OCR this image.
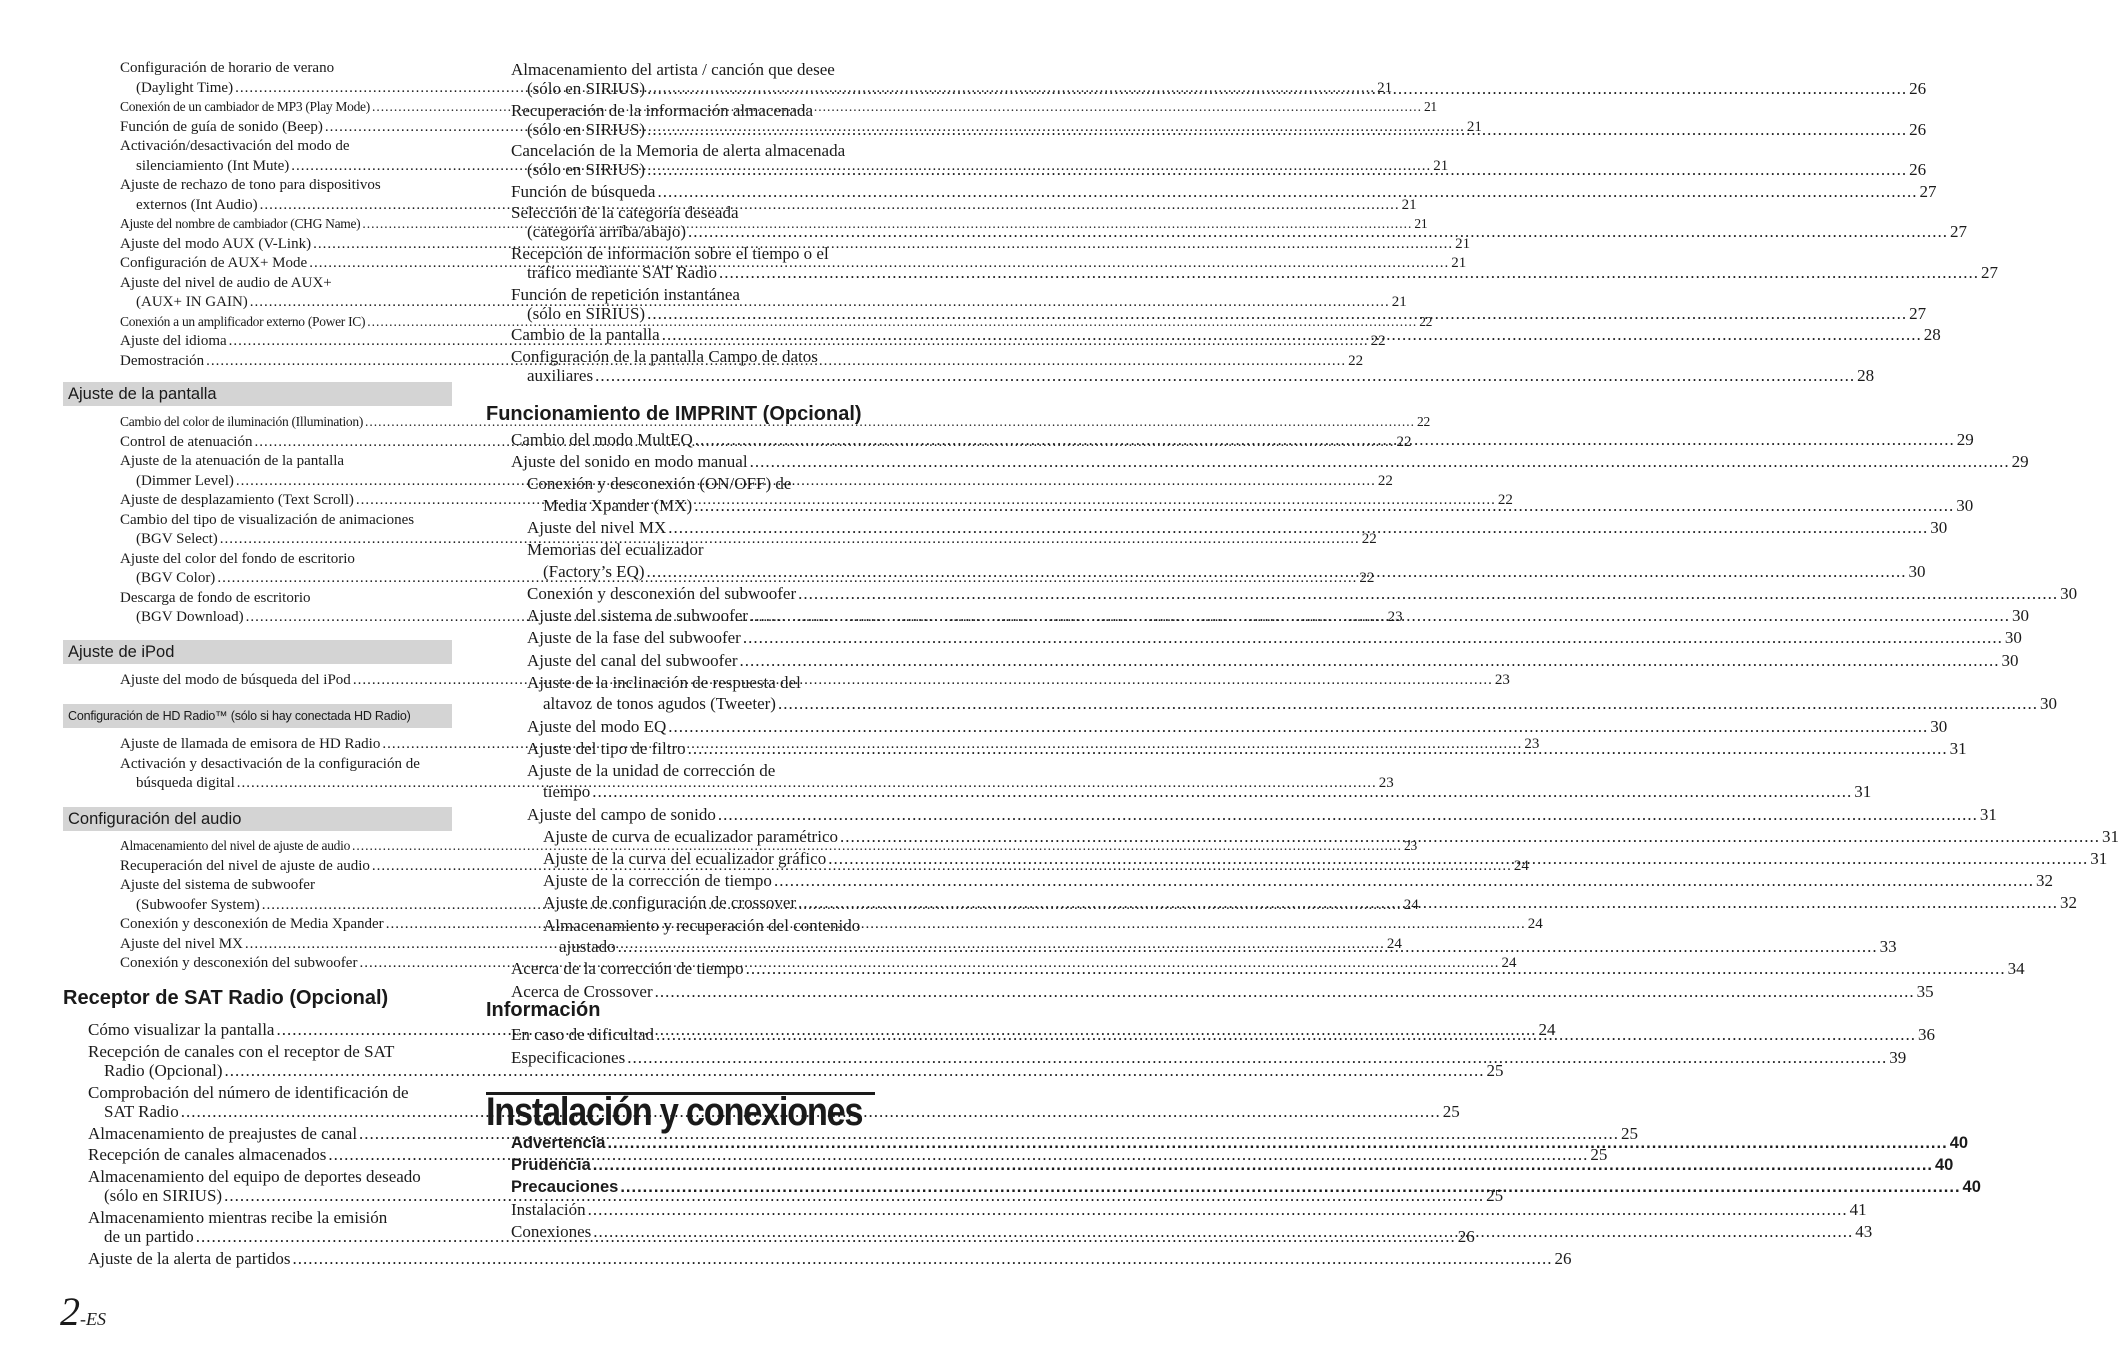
Ajuste de la pantalla
Ajuste de iPod
Configuración de HD Radio™ (sólo si hay conectada HD Radio)
Configuración del audio
Receptor de SAT Radio (Opcional)
Configuración de horario de verano
(Daylight Time) .....	21
Conexión de un cambiador de MP3 (Play Mode) .....	21
Función de guía de sonido (Beep) .....	21
Activación/desactivación del modo de
silenciamiento (Int Mute) .....	21
Ajuste de rechazo de tono para dispositivos
externos (Int Audio) .....	21
Ajuste del nombre de cambiador (CHG Name) .....	21
Ajuste del modo AUX (V-Link) .....	21
Configuración de AUX+ Mode .....	21
Ajuste del nivel de audio de AUX+
(AUX+ IN GAIN) .....	21
Conexión a un amplificador externo (Power IC) .....	22
Ajuste del idioma .....	22
Demostración .....	22
Cambio del color de iluminación (Illumination) .....	22
Control de atenuación .....	22
Ajuste de la atenuación de la pantalla
(Dimmer Level) .....	22
Ajuste de desplazamiento (Text Scroll) .....	22
Cambio del tipo de visualización de animaciones
(BGV Select) .....	22
Ajuste del color del fondo de escritorio
(BGV Color) .....	22
Descarga de fondo de escritorio
(BGV Download) .....	23
Ajuste del modo de búsqueda del iPod .....	23
Ajuste de llamada de emisora de HD Radio .....	23
Activación y desactivación de la configuración de
búsqueda digital .....	23
Almacenamiento del nivel de ajuste de audio .....	23
Recuperación del nivel de ajuste de audio .....	24
Ajuste del sistema de subwoofer
(Subwoofer System) .....	24
Conexión y desconexión de Media Xpander .....	24
Ajuste del nivel MX .....	24
Conexión y desconexión del subwoofer .....	24
Cómo visualizar la pantalla .....	24
Recepción de canales con el receptor de SAT
Radio (Opcional) .....	25
Comprobación del número de identificación de
SAT Radio .....	25
Almacenamiento de preajustes de canal .....	25
Recepción de canales almacenados .....	25
Almacenamiento del equipo de deportes deseado
(sólo en SIRIUS) .....	25
Almacenamiento mientras recibe la emisión
de un partido .....	26
Ajuste de la alerta de partidos .....	26
Funcionamiento de IMPRINT (Opcional)
Información
Instalación y conexiones
Almacenamiento del artista / canción que desee
(sólo en SIRIUS) .....	26
Recuperación de la información almacenada
(sólo en SIRIUS) .....	26
Cancelación de la Memoria de alerta almacenada
(sólo en SIRIUS) .....	26
Función de búsqueda .....	27
Selección de la categoría deseada
(categoría arriba/abajo) .....	27
Recepción de información sobre el tiempo o el
tráfico mediante SAT Radio .....	27
Función de repetición instantánea
(sólo en SIRIUS) .....	27
Cambio de la pantalla .....	28
Configuración de la pantalla Campo de datos
auxiliares .....	28
Cambio del modo MultEQ .....	29
Ajuste del sonido en modo manual .....	29
Conexión y desconexión (ON/OFF) de
Media Xpander (MX) .....	30
Ajuste del nivel MX .....	30
Memorias del ecualizador
(Factory’s EQ) .....	30
Conexión y desconexión del subwoofer .....	30
Ajuste del sistema de subwoofer .....	30
Ajuste de la fase del subwoofer .....	30
Ajuste del canal del subwoofer .....	30
Ajuste de la inclinación de respuesta del
altavoz de tonos agudos (Tweeter) .....	30
Ajuste del modo EQ .....	30
Ajuste del tipo de filtro .....	31
Ajuste de la unidad de corrección de
tiempo .....	31
Ajuste del campo de sonido .....	31
Ajuste de curva de ecualizador paramétrico .....	31
Ajuste de la curva del ecualizador gráfico .....	31
Ajuste de la corrección de tiempo .....	32
Ajuste de configuración de crossover .....	32
Almacenamiento y recuperación del contenido
ajustado .....	33
Acerca de la corrección de tiempo .....	34
Acerca de Crossover .....	35
En caso de dificultad .....	36
Especificaciones .....	39
Advertencia .....	40
Prudencia .....	40
Precauciones .....	40
Instalación .....	41
Conexiones .....	43
2-ES
